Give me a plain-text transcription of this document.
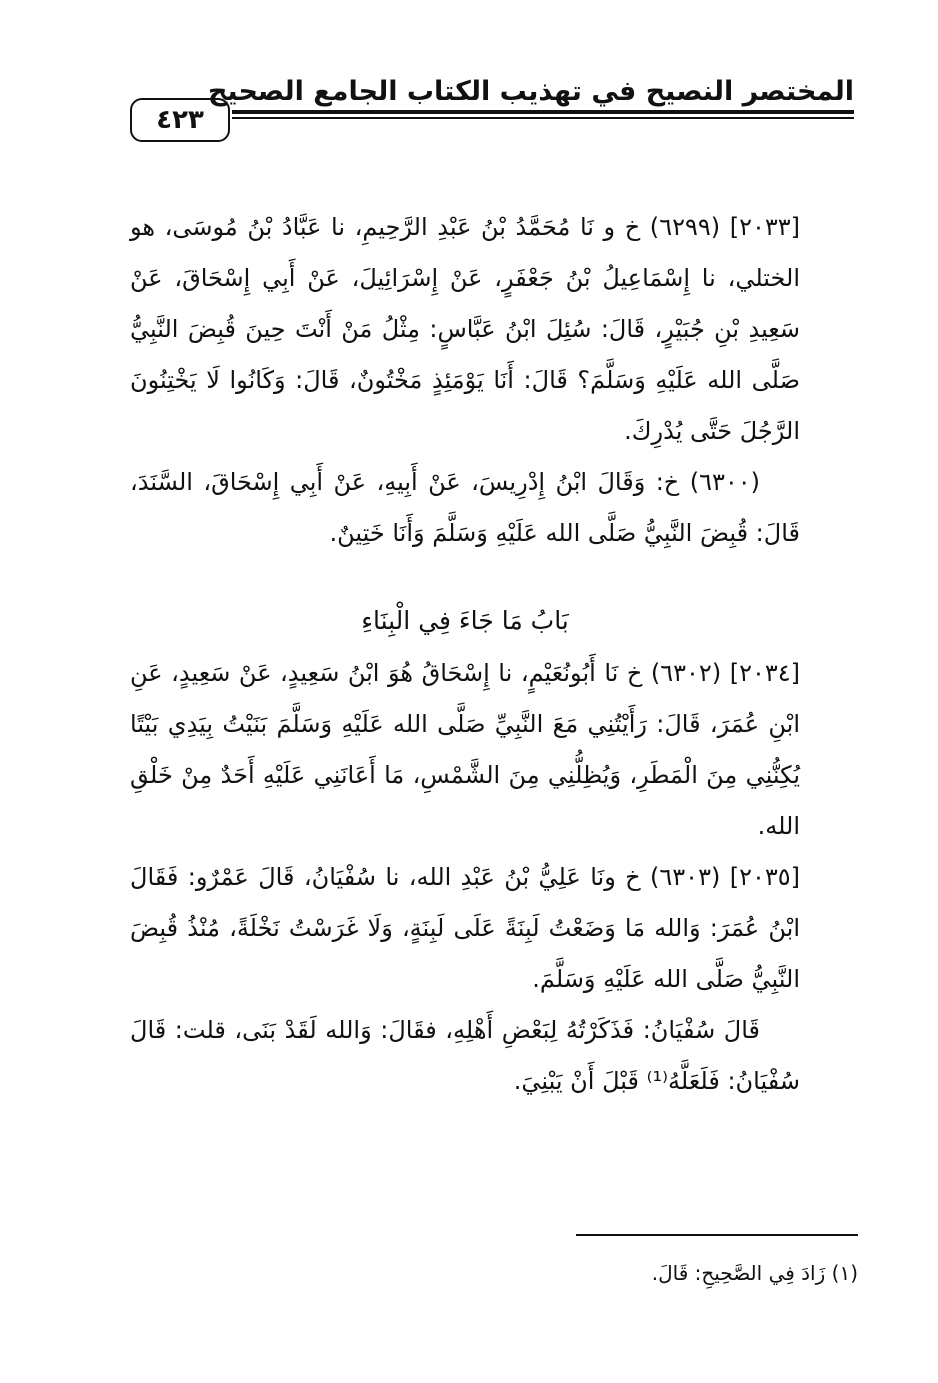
المختصر النصيح في تهذيب الكتاب الجامع الصحيح
٤٢٣

[٢٠٣٣] (٦٢٩٩) خ و نَا مُحَمَّدُ بْنُ عَبْدِ الرَّحِيمِ، نا عَبَّادُ بْنُ مُوسَى، هو الختلي، نا إِسْمَاعِيلُ بْنُ جَعْفَرٍ، عَنْ إِسْرَائِيلَ، عَنْ أَبِي إِسْحَاقَ، عَنْ سَعِيدِ بْنِ جُبَيْرٍ، قَالَ: سُئِلَ ابْنُ عَبَّاسٍ: مِثْلُ مَنْ أَنْتَ حِينَ قُبِضَ النَّبِيُّ صَلَّى الله عَلَيْهِ وَسَلَّمَ؟ قَالَ: أَنَا يَوْمَئِذٍ مَخْتُونٌ، قَالَ: وَكَانُوا لَا يَخْتِنُونَ الرَّجُلَ حَتَّى يُدْرِكَ.

(٦٣٠٠) خ: وَقَالَ ابْنُ إِدْرِيسَ، عَنْ أَبِيهِ، عَنْ أَبِي إِسْحَاقَ، السَّنَدَ، قَالَ: قُبِضَ النَّبِيُّ صَلَّى الله عَلَيْهِ وَسَلَّمَ وَأَنَا خَتِينٌ.

بَابُ مَا جَاءَ فِي الْبِنَاءِ

[٢٠٣٤] (٦٣٠٢) خ نَا أَبُونُعَيْمٍ، نا إِسْحَاقُ هُوَ ابْنُ سَعِيدٍ، عَنْ سَعِيدٍ، عَنِ ابْنِ عُمَرَ، قَالَ: رَأَيْتُنِي مَعَ النَّبِيِّ صَلَّى الله عَلَيْهِ وَسَلَّمَ بَنَيْتُ بِيَدِي بَيْتًا يُكِنُّنِي مِنَ الْمَطَرِ، وَيُظِلُّنِي مِنَ الشَّمْسِ، مَا أَعَانَنِي عَلَيْهِ أَحَدٌ مِنْ خَلْقِ الله.

[٢٠٣٥] (٦٣٠٣) خ ونَا عَلِيُّ بْنُ عَبْدِ الله، نا سُفْيَانُ، قَالَ عَمْرٌو: فَقَالَ ابْنُ عُمَرَ: وَالله مَا وَضَعْتُ لَبِنَةً عَلَى لَبِنَةٍ، وَلَا غَرَسْتُ نَخْلَةً، مُنْذُ قُبِضَ النَّبِيُّ صَلَّى الله عَلَيْهِ وَسَلَّمَ.

قَالَ سُفْيَانُ: فَذَكَرْتُهُ لِبَعْضِ أَهْلِهِ، فقَالَ: وَالله لَقَدْ بَنَى، قلت: قَالَ سُفْيَانُ: فَلَعَلَّهُ⁽¹⁾ قَبْلَ أَنْ يَبْنِيَ.

(١) زَادَ فِي الصَّحِيحِ: قَالَ.
